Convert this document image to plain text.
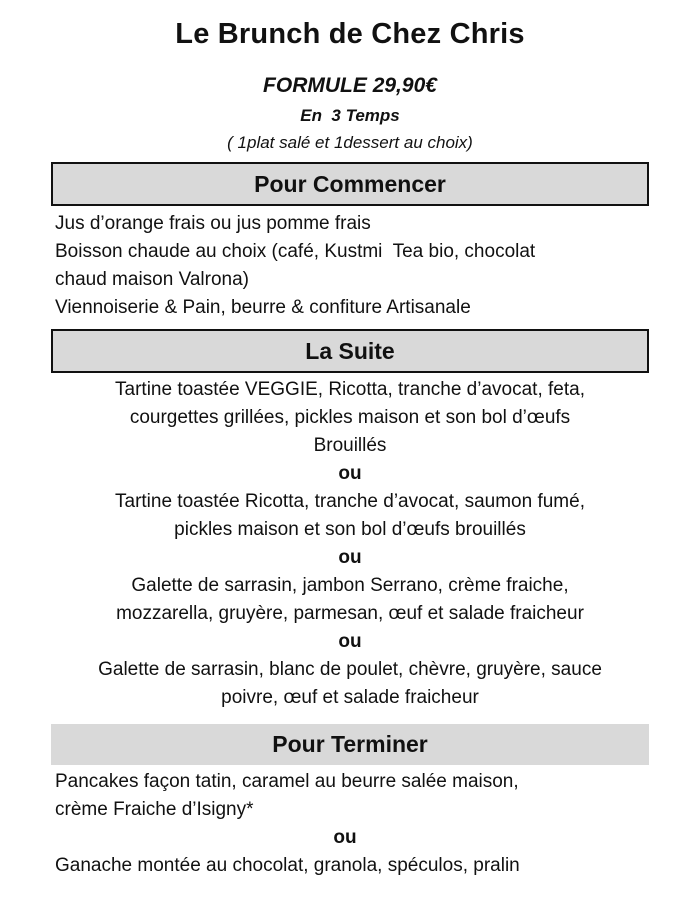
Le Brunch de Chez Chris
FORMULE 29,90€
En  3 Temps
( 1plat salé et 1dessert au choix)
Pour Commencer
Jus d’orange frais ou jus pomme frais
Boisson chaude au choix (café, Kustmi  Tea bio, chocolat
chaud maison Valrona)
Viennoiserie & Pain, beurre & confiture Artisanale
La Suite
Tartine toastée VEGGIE, Ricotta, tranche d’avocat, feta,
courgettes grillées, pickles maison et son bol d’œufs
Brouillés
ou
Tartine toastée Ricotta, tranche d’avocat, saumon fumé,
pickles maison et son bol d’œufs brouillés
ou
Galette de sarrasin, jambon Serrano, crème fraiche,
mozzarella, gruyère, parmesan, œuf et salade fraicheur
ou
Galette de sarrasin, blanc de poulet, chèvre, gruyère, sauce
poivre, œuf et salade fraicheur
Pour Terminer
Pancakes façon tatin, caramel au beurre salée maison,
crème Fraiche d’Isigny*
ou
Ganache montée au chocolat, granola, spéculos, pralin
